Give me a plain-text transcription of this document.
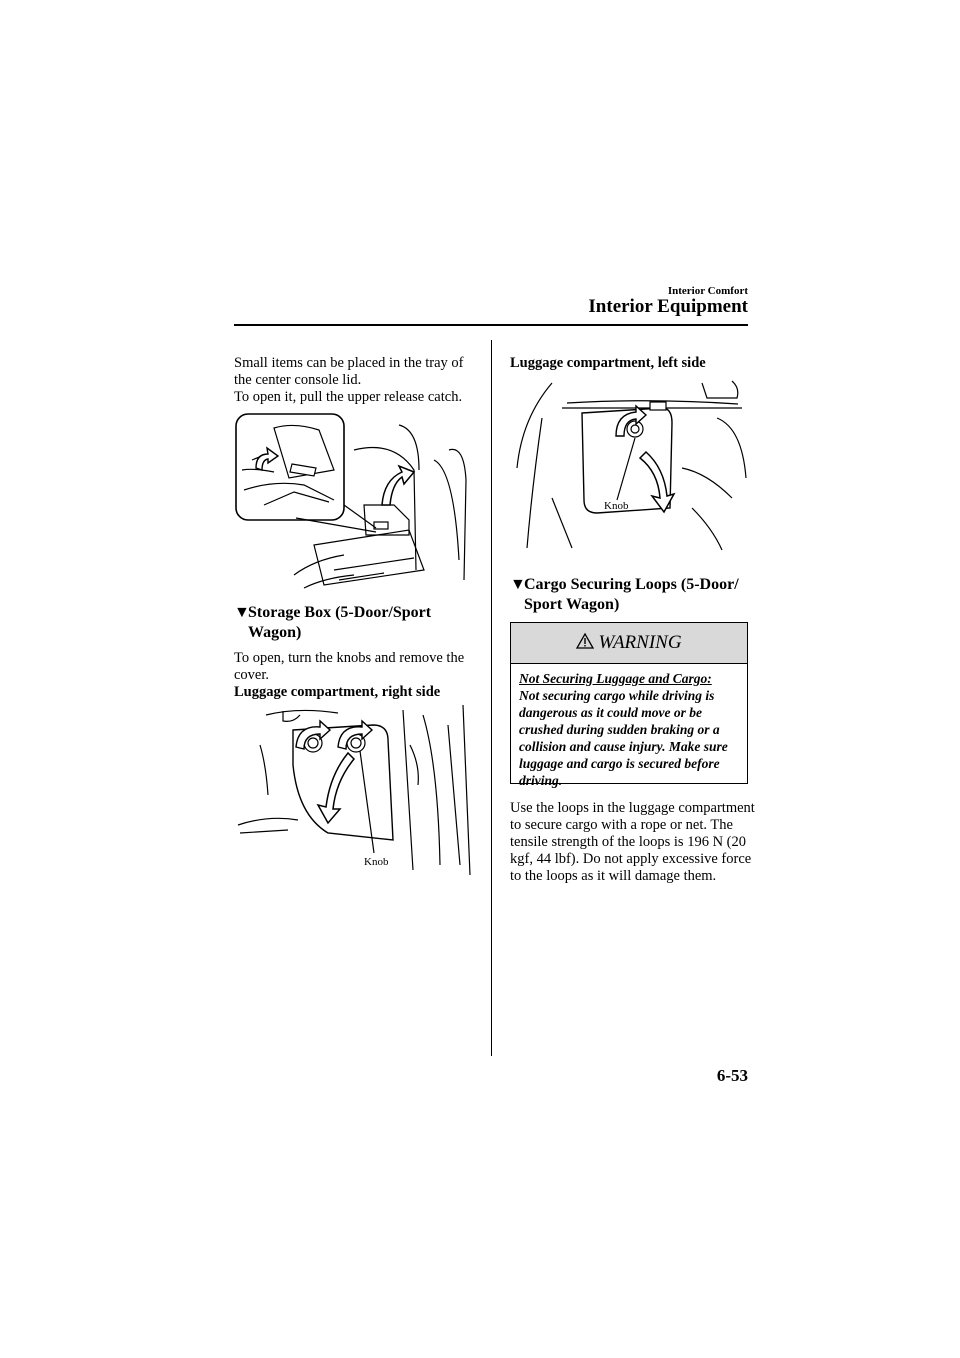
Interior Comfort
Interior Equipment
Small items can be placed in the tray of
the center console lid.
To open it, pull the upper release catch.
▼Storage Box (5-Door/Sport
Wagon)
To open, turn the knobs and remove the
cover.
Luggage compartment, right side
Knob
Luggage compartment, left side
Knob
▼Cargo Securing Loops (5-Door/
Sport Wagon)
WARNING
Not Securing Luggage and Cargo:
Not securing cargo while driving is
dangerous as it could move or be
crushed during sudden braking or a
collision and cause injury. Make sure
luggage and cargo is secured before
driving.
Use the loops in the luggage compartment
to secure cargo with a rope or net. The
tensile strength of the loops is 196 N (20
kgf, 44 lbf). Do not apply excessive force
to the loops as it will damage them.
6-53
